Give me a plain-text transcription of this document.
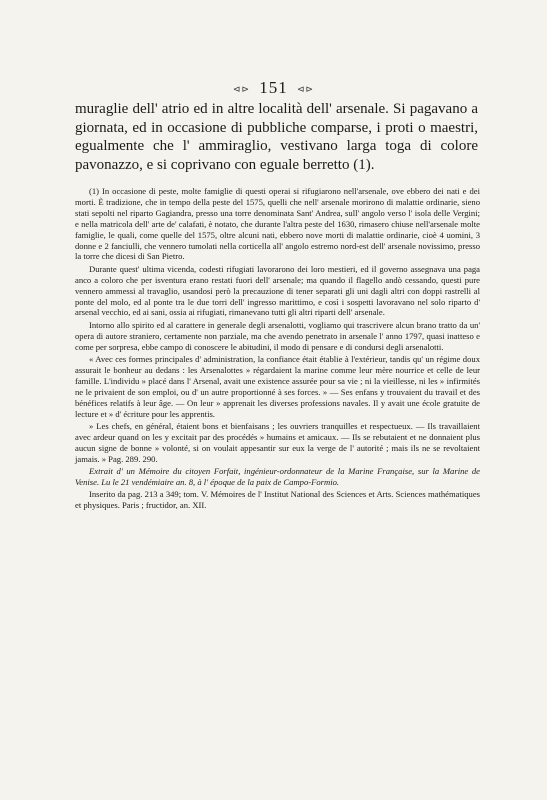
⊲⊳ 151 ⊲⊳

muraglie dell' atrio ed in altre località dell' arsenale. Si pagavano a giornata, ed in occasione di pubbliche comparse, i proti o maestri, egualmente che l' ammiraglio, vestivano larga toga di colore pavonazzo, e si coprivano con eguale berretto (1).

(1) In occasione di peste, molte famiglie di questi operai si rifugiarono nell'arsenale, ove ebbero dei nati e dei morti. È tradizione, che in tempo della peste del 1575, quelli che nell' arsenale morirono di malattie ordinarie, sieno stati sepolti nel riparto Gagiandra, presso una torre denominata Sant' Andrea, sull' angolo verso l' isola delle Vergini; e nella matricola dell' arte de' calafati, è notato, che durante l'altra peste del 1630, rimasero chiuse nell'arsenale molte famiglie, le quali, come quelle del 1575, oltre alcuni nati, ebbero nove morti di malattie ordinarie, cioè 4 uomini, 3 donne e 2 fanciulli, che vennero tumolati nella corticella all' angolo estremo nord-est dell' arsenale novissimo, presso la torre che dicesi di San Pietro.

Durante quest' ultima vicenda, codesti rifugiati lavorarono dei loro mestieri, ed il governo assegnava una paga anco a coloro che per isventura erano restati fuori dell' arsenale; ma quando il flagello andò cessando, questi pure vennero ammessi al travaglio, usandosi però la precauzione di tener separati gli uni dagli altri con doppi rastrelli al ponte del molo, ed al ponte tra le due torri dell' ingresso marittimo, e così i sospetti lavoravano nel solo riparto d' arsenal vecchio, ed ai sani, ossia ai rifugiati, rimanevano tutti gli altri riparti dell' arsenale.

Intorno allo spirito ed al carattere in generale degli arsenalotti, vogliamo qui trascrivere alcun brano tratto da un' opera di autore straniero, certamente non parziale, ma che avendo penetrato in arsenale l' anno 1797, quasi inatteso e come per sorpresa, ebbe campo di conoscere le abitudini, il modo di pensare e di condursi degli arsenalotti.

« Avec ces formes principales d' administration, la confiance était établie à l'extérieur, tandis qu' un régime doux assurait le bonheur au dedans : les Arsenalottes » régardaient la marine comme leur mère nourrice et celle de leur famille. L'individu » placé dans l' Arsenal, avait une existence assurée pour sa vie ; ni la vieillesse, ni les » infirmités ne le privaient de son emploi, ou d' un autre proportionné à ses forces. » — Ses enfans y trouvaient du travail et des bénéfices relatifs à leur âge. — On leur » apprenait les diverses professions navales. Il y avait une école gratuite de lecture et » d' écriture pour les apprentis.

» Les chefs, en général, étaient bons et bienfaisans ; les ouvriers tranquilles et respectueux. — Ils travaillaient avec ardeur quand on les y excitait par des procédés » humains et amicaux. — Ils se rebutaient et ne donnaient plus aucun signe de bonne » volonté, si on voulait appesantir sur eux la verge de l' autorité ; mais ils ne se revoltaient jamais. » Pag. 289. 290.

Extrait d' un Mémoire du citoyen Forfait, ingénieur-ordonnateur de la Marine Française, sur la Marine de Venise. Lu le 21 vendémiaire an. 8, à l' époque de la paix de Campo-Formio.

Inserito da pag. 213 a 349; tom. V. Mémoires de l' Institut National des Sciences et Arts. Sciences mathématiques et physiques. Paris ; fructidor, an. XII.
